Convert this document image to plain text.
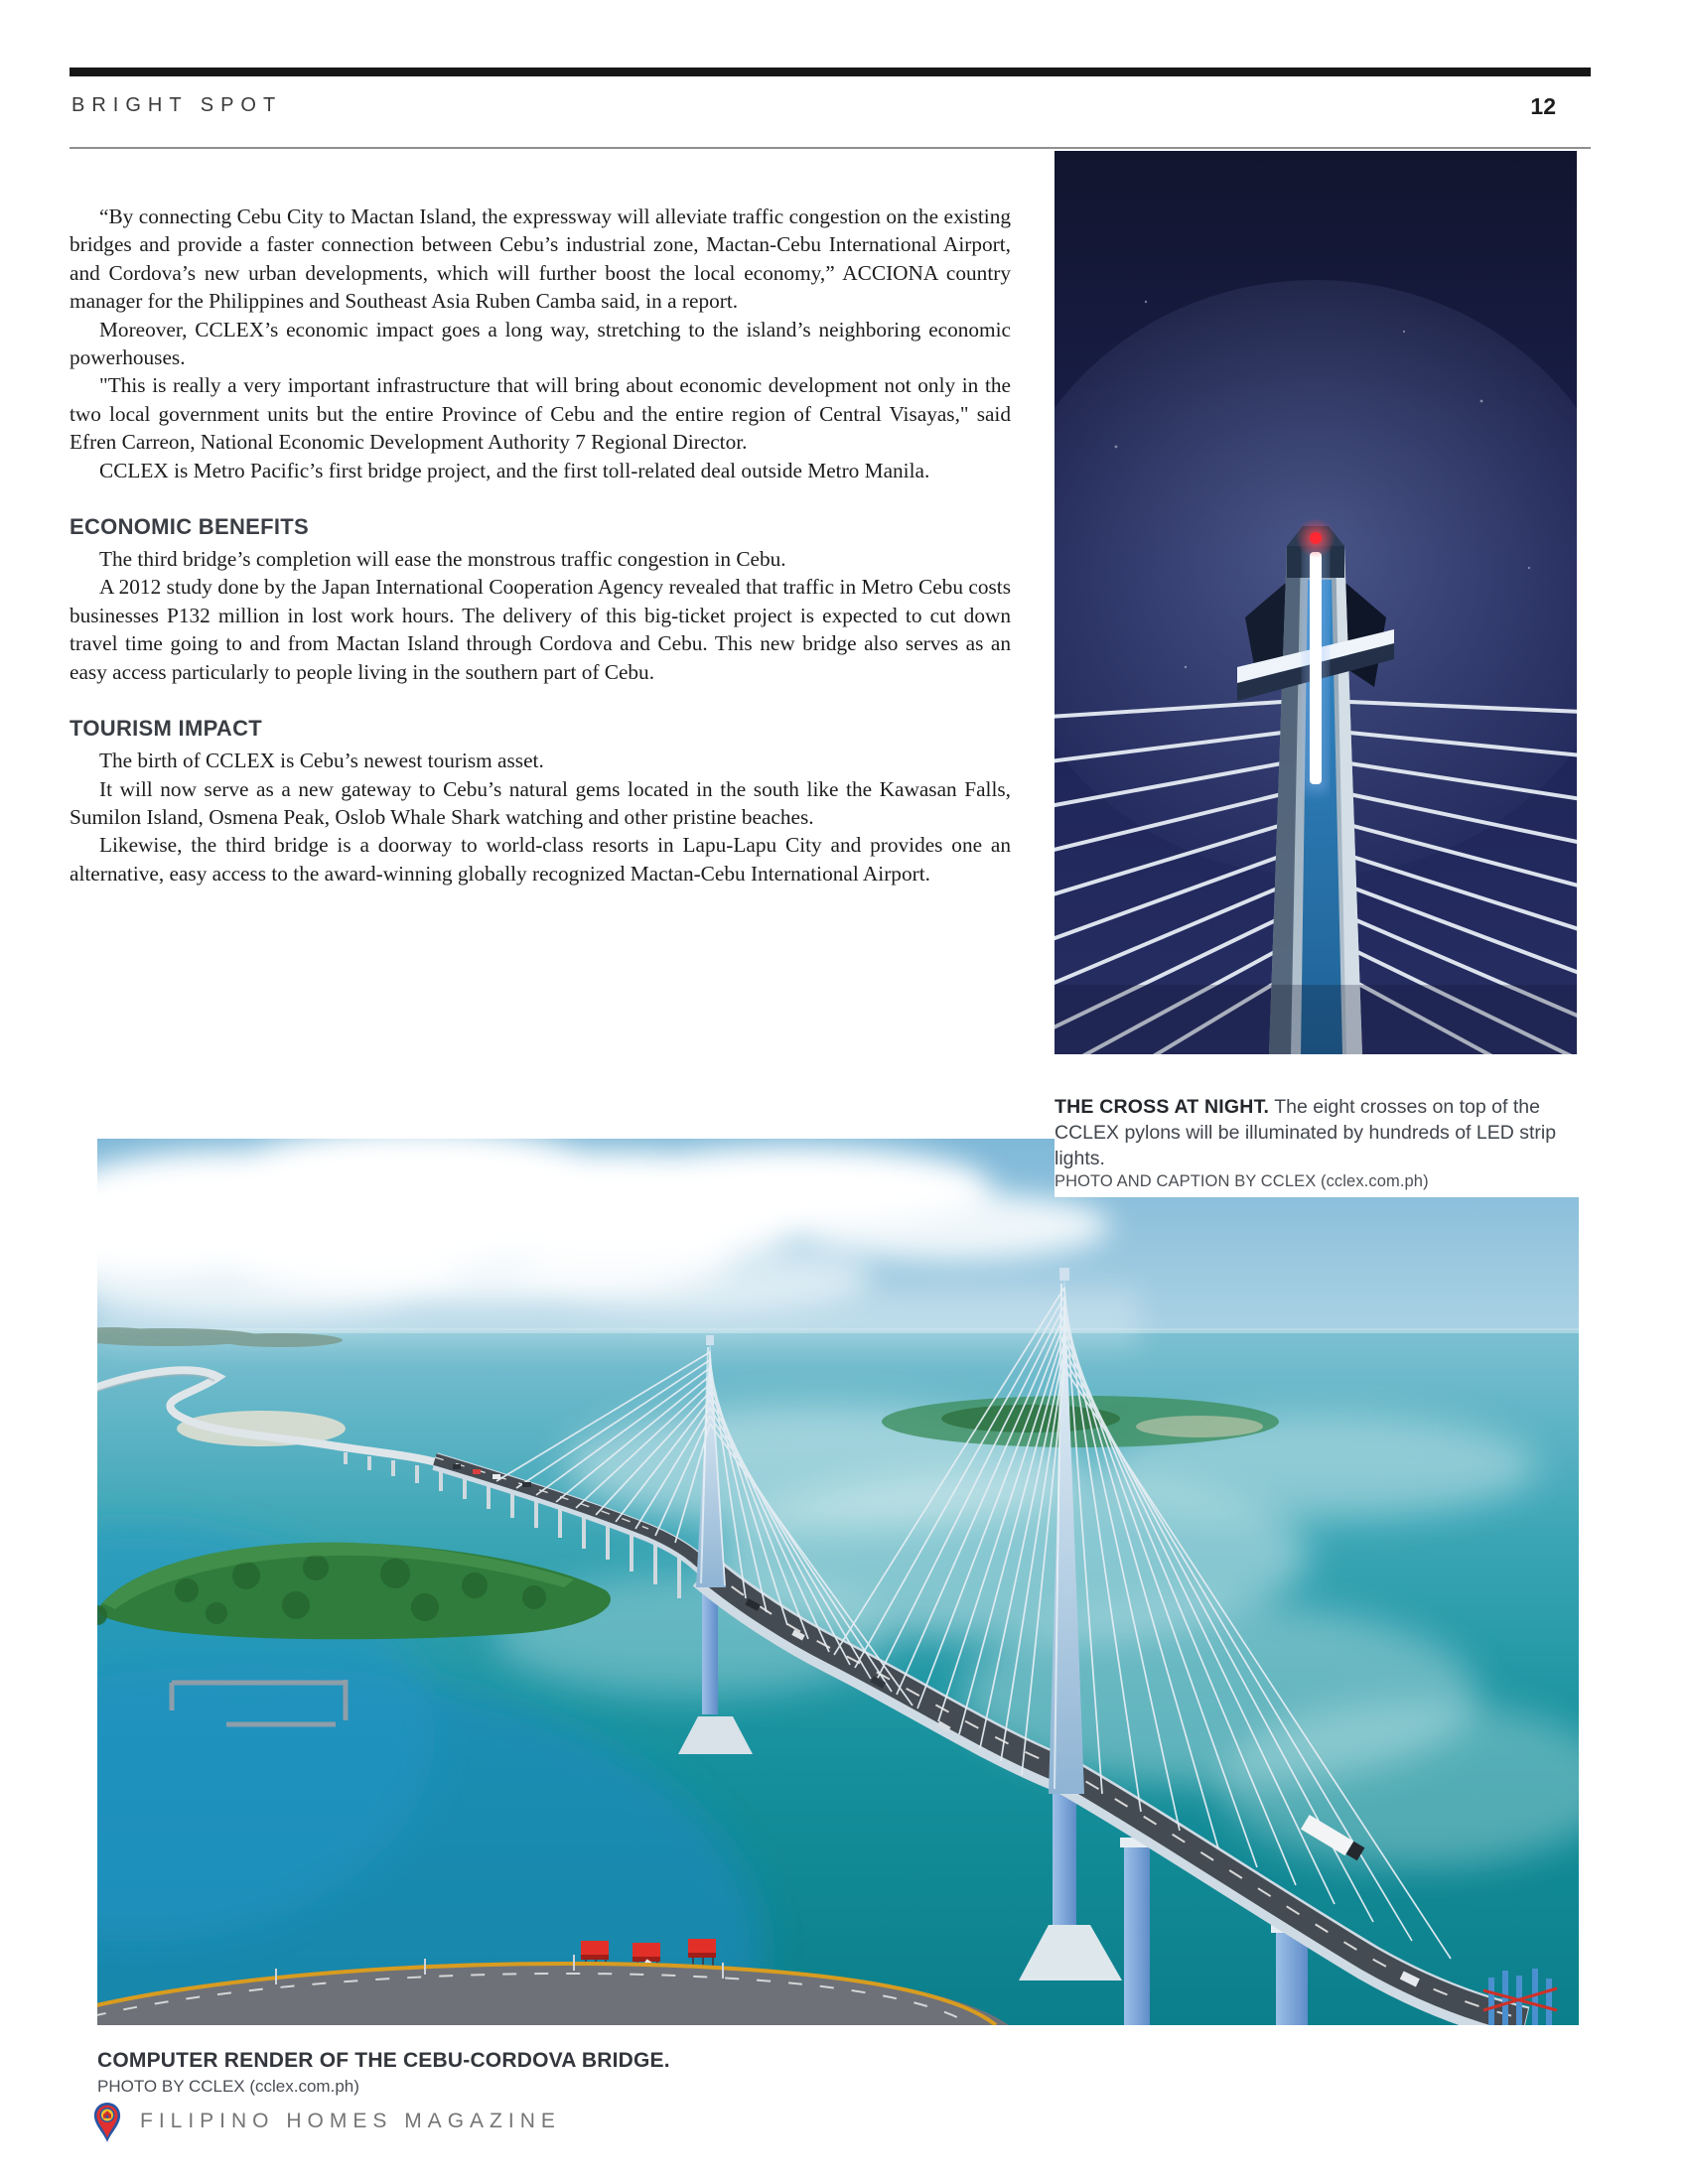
BRIGHT SPOT	12

“By connecting Cebu City to Mactan Island, the expressway will alleviate traffic congestion on the existing bridges and provide a faster connection between Cebu’s industrial zone, Mactan-Cebu International Airport, and Cordova’s new urban developments, which will further boost the local economy,” ACCIONA country manager for the Philippines and Southeast Asia Ruben Camba said, in a report.

Moreover, CCLEX’s economic impact goes a long way, stretching to the island’s neighboring economic powerhouses.

"This is really a very important infrastructure that will bring about economic development not only in the two local government units but the entire Province of Cebu and the entire region of Central Visayas," said Efren Carreon, National Economic Development Authority 7 Regional Director.

CCLEX is Metro Pacific’s first bridge project, and the first toll-related deal outside Metro Manila.

ECONOMIC BENEFITS

The third bridge’s completion will ease the monstrous traffic congestion in Cebu.

A 2012 study done by the Japan International Cooperation Agency revealed that traffic in Metro Cebu costs businesses P132 million in lost work hours. The delivery of this big-ticket project is expected to cut down travel time going to and from Mactan Island through Cordova and Cebu. This new bridge also serves as an easy access particularly to people living in the southern part of Cebu.

TOURISM IMPACT

The birth of CCLEX is Cebu’s newest tourism asset.

It will now serve as a new gateway to Cebu’s natural gems located in the south like the Kawasan Falls, Sumilon Island, Osmena Peak, Oslob Whale Shark watching and other pristine beaches.

Likewise, the third bridge is a doorway to world-class resorts in Lapu-Lapu City and provides one an alternative, easy access to the award-winning globally recognized Mactan-Cebu International Airport.

THE CROSS AT NIGHT. The eight crosses on top of the CCLEX pylons will be illuminated by hundreds of LED strip lights.
PHOTO AND CAPTION BY CCLEX (cclex.com.ph)
COMPUTER RENDER OF THE CEBU-CORDOVA BRIDGE.
PHOTO BY CCLEX (cclex.com.ph)
FILIPINO HOMES MAGAZINE
